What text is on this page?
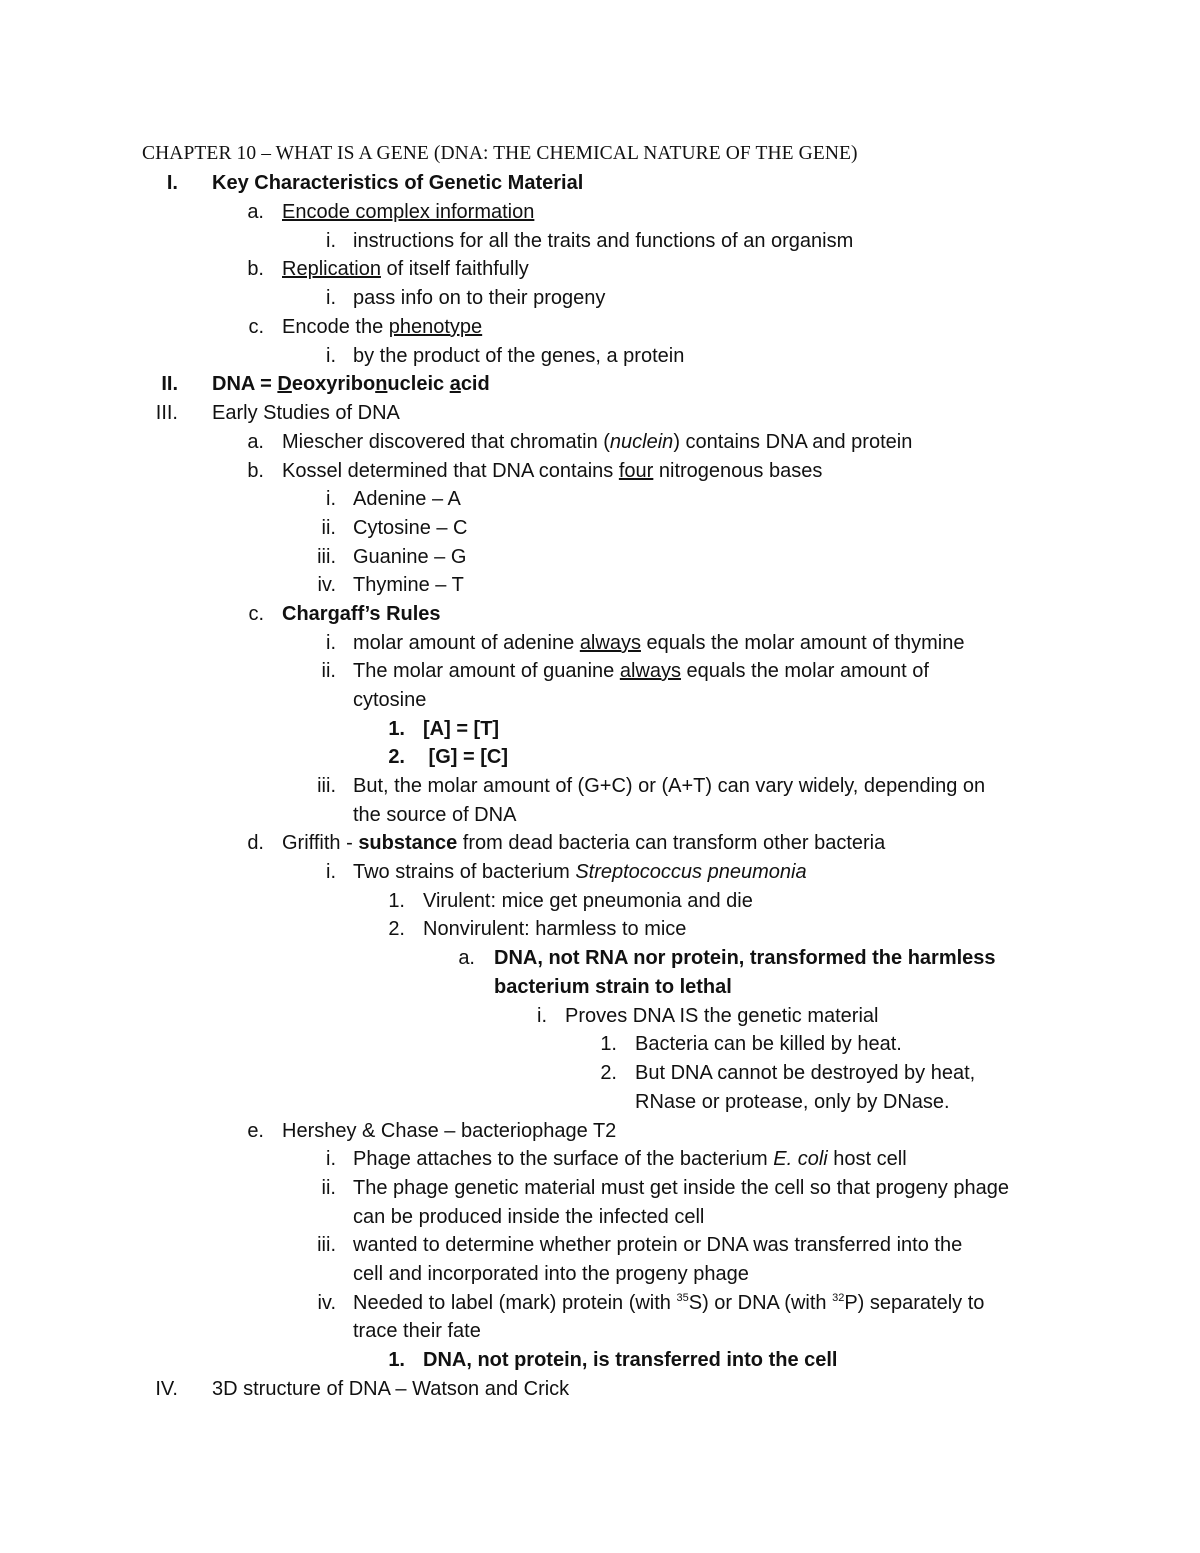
CHAPTER 10 – WHAT IS A GENE (DNA: THE CHEMICAL NATURE OF THE GENE)
I. Key Characteristics of Genetic Material
a. Encode complex information
i. instructions for all the traits and functions of an organism
b. Replication of itself faithfully
i. pass info on to their progeny
c. Encode the phenotype
i. by the product of the genes, a protein
II. DNA = Deoxyribonucleic acid
III. Early Studies of DNA
a. Miescher discovered that chromatin (nuclein) contains DNA and protein
b. Kossel determined that DNA contains four nitrogenous bases
i. Adenine – A
ii. Cytosine – C
iii. Guanine – G
iv. Thymine – T
c. Chargaff’s Rules
i. molar amount of adenine always equals the molar amount of thymine
ii. The molar amount of guanine always equals the molar amount of
cytosine
1. [A] = [T]
2. [G] = [C]
iii. But, the molar amount of (G+C) or (A+T) can vary widely, depending on
the source of DNA
d. Griffith - substance from dead bacteria can transform other bacteria
i. Two strains of bacterium Streptococcus pneumonia
1. Virulent: mice get pneumonia and die
2. Nonvirulent: harmless to mice
a. DNA, not RNA nor protein, transformed the harmless
bacterium strain to lethal
i. Proves DNA IS the genetic material
1. Bacteria can be killed by heat.
2. But DNA cannot be destroyed by heat,
RNase or protease, only by DNase.
e. Hershey & Chase – bacteriophage T2
i. Phage attaches to the surface of the bacterium E. coli host cell
ii. The phage genetic material must get inside the cell so that progeny phage
can be produced inside the infected cell
iii. wanted to determine whether protein or DNA was transferred into the
cell and incorporated into the progeny phage
iv. Needed to label (mark) protein (with $^{35}$S) or DNA (with $^{32}$P) separately to
trace their fate
1. DNA, not protein, is transferred into the cell
IV. 3D structure of DNA – Watson and Crick
